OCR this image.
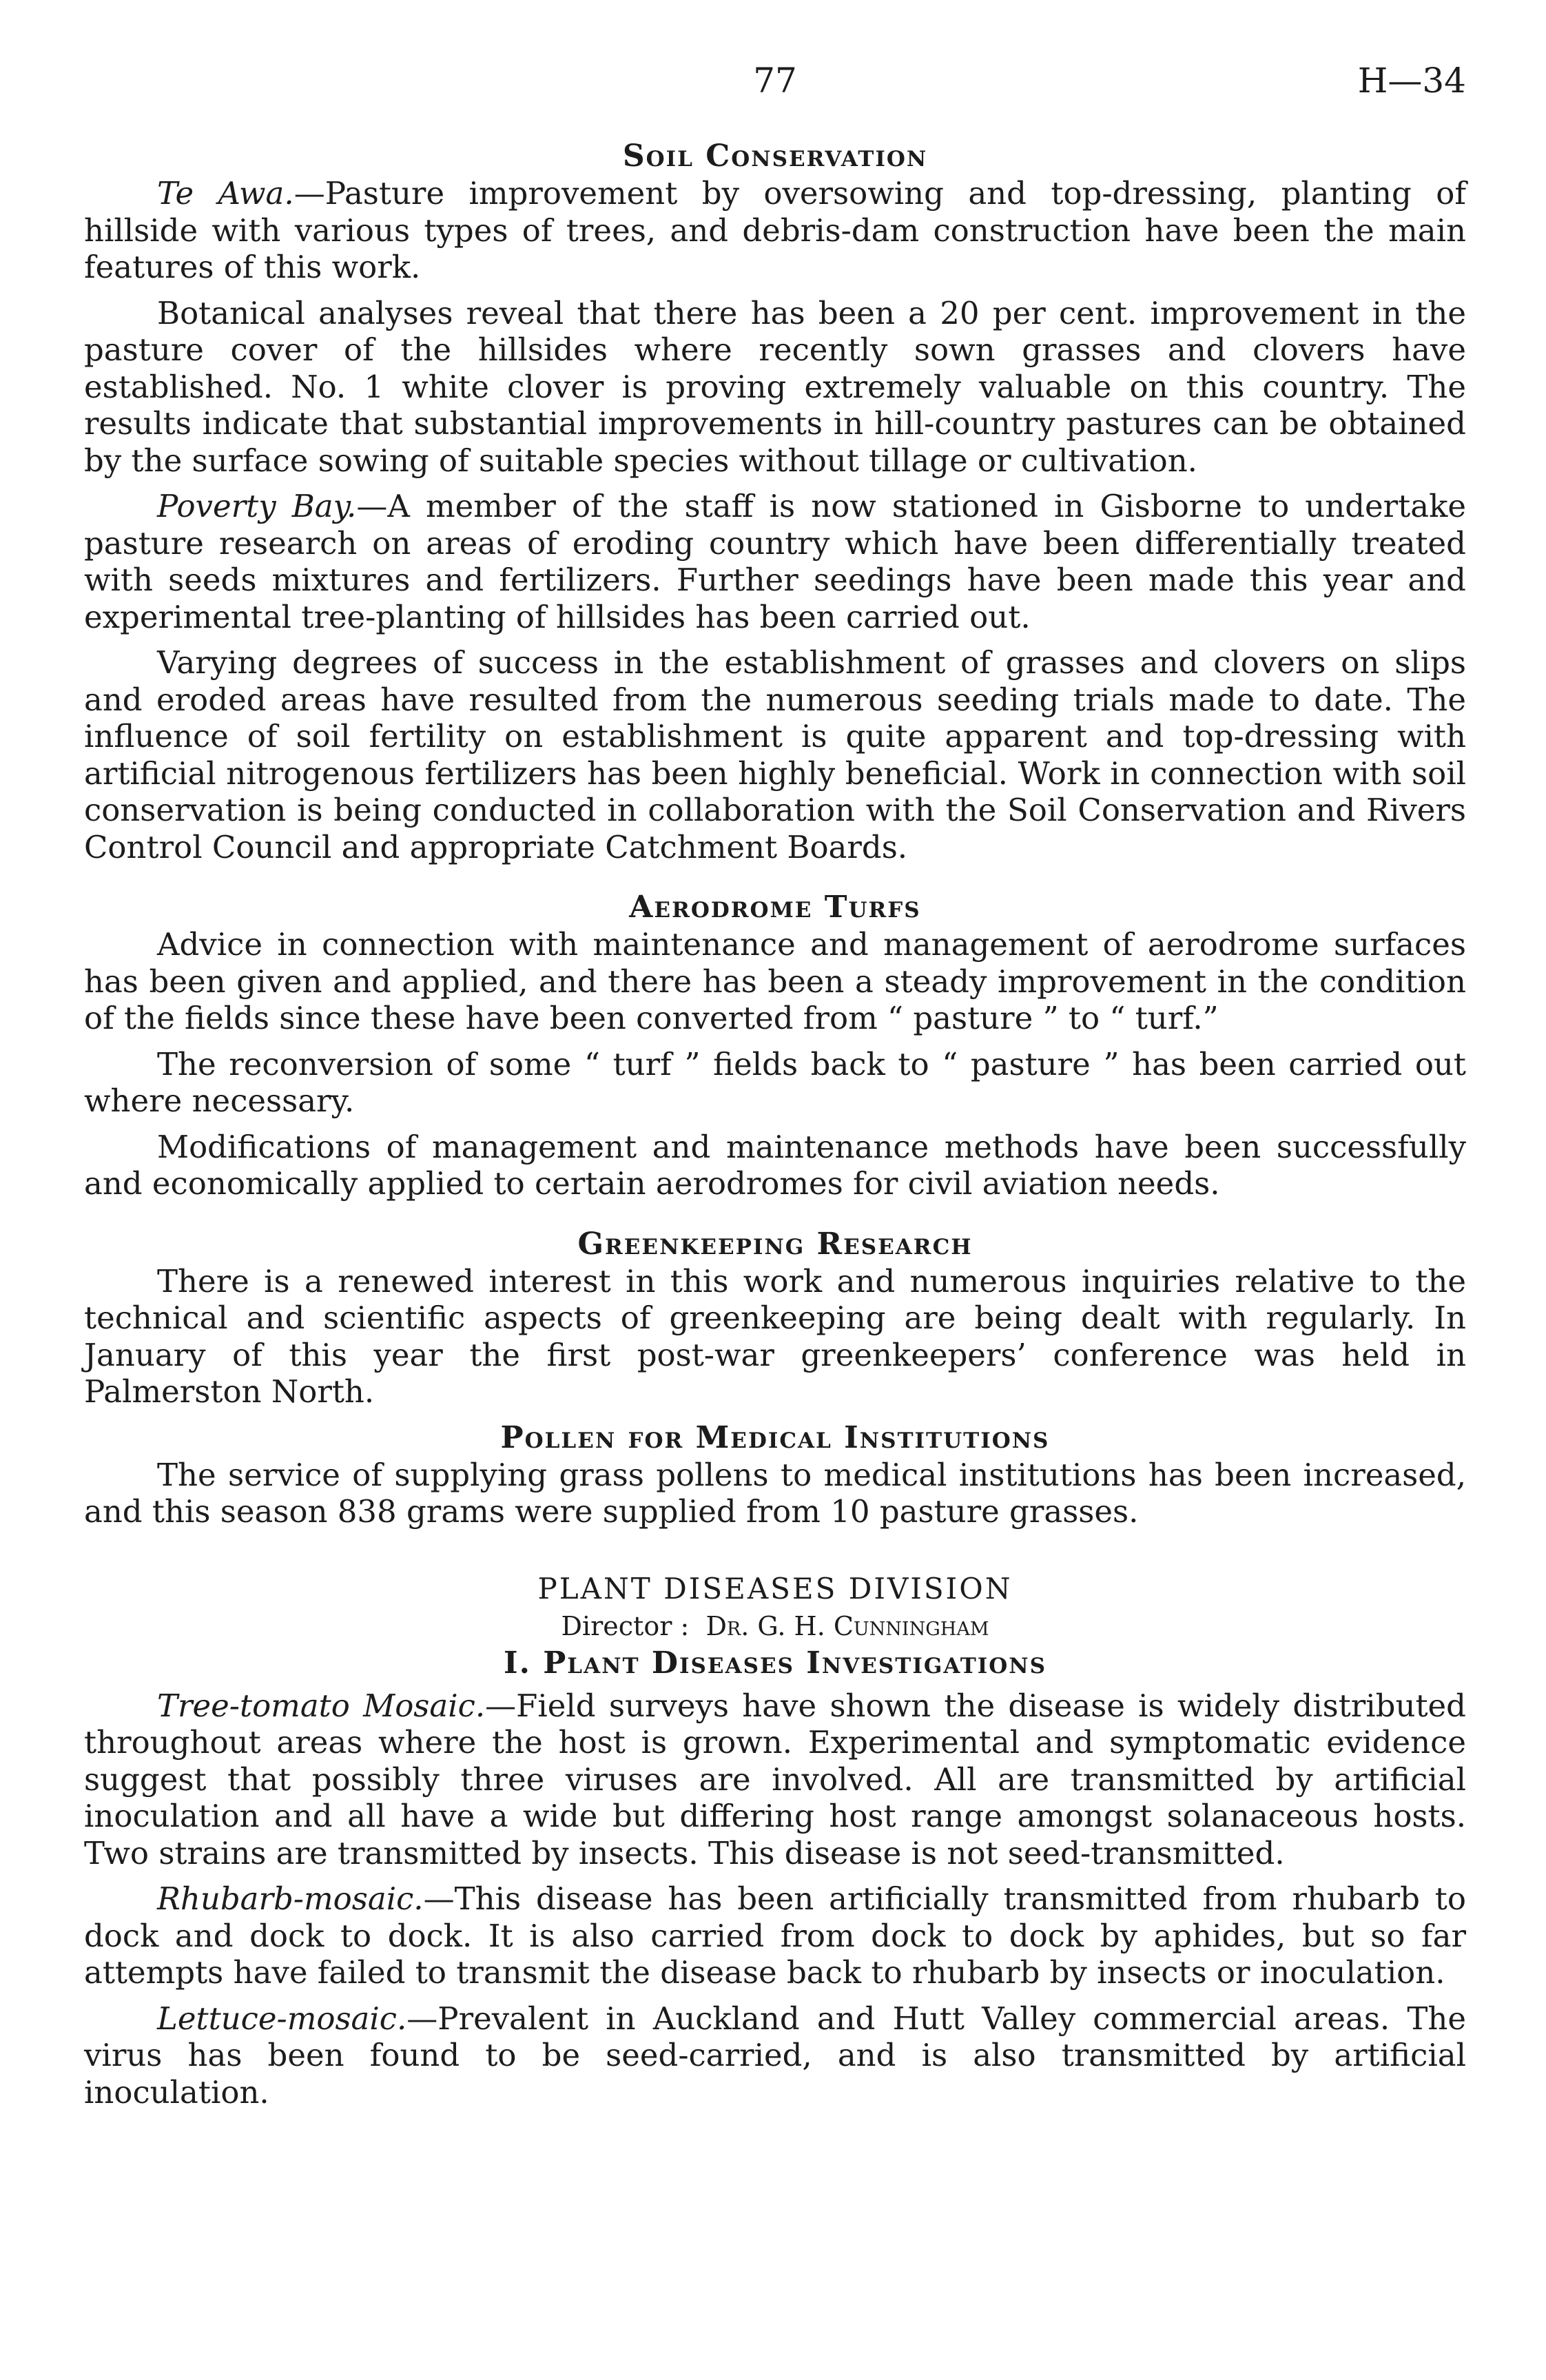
77	H—34
Soil Conservation

Te Awa.—Pasture improvement by oversowing and top-dressing, planting of hillside with various types of trees, and debris-dam construction have been the main features of this work.

Botanical analyses reveal that there has been a 20 per cent. improvement in the pasture cover of the hillsides where recently sown grasses and clovers have established. No. 1 white clover is proving extremely valuable on this country. The results indicate that substantial improvements in hill-country pastures can be obtained by the surface sowing of suitable species without tillage or cultivation.

Poverty Bay.—A member of the staff is now stationed in Gisborne to undertake pasture research on areas of eroding country which have been differentially treated with seeds mixtures and fertilizers. Further seedings have been made this year and experimental tree-planting of hillsides has been carried out.

Varying degrees of success in the establishment of grasses and clovers on slips and eroded areas have resulted from the numerous seeding trials made to date. The influence of soil fertility on establishment is quite apparent and top-dressing with artificial nitrogenous fertilizers has been highly beneficial. Work in connection with soil conservation is being conducted in collaboration with the Soil Conservation and Rivers Control Council and appropriate Catchment Boards.

Aerodrome Turfs

Advice in connection with maintenance and management of aerodrome surfaces has been given and applied, and there has been a steady improvement in the condition of the fields since these have been converted from “ pasture ” to “ turf.”

The reconversion of some “ turf ” fields back to “ pasture ” has been carried out where necessary.

Modifications of management and maintenance methods have been successfully and economically applied to certain aerodromes for civil aviation needs.

Greenkeeping Research

There is a renewed interest in this work and numerous inquiries relative to the technical and scientific aspects of greenkeeping are being dealt with regularly. In January of this year the first post-war greenkeepers’ conference was held in Palmerston North.

Pollen for Medical Institutions

The service of supplying grass pollens to medical institutions has been increased, and this season 838 grams were supplied from 10 pasture grasses.

PLANT DISEASES DIVISION
Director : Dr. G. H. Cunningham
I. Plant Diseases Investigations

Tree-tomato Mosaic.—Field surveys have shown the disease is widely distributed throughout areas where the host is grown. Experimental and symptomatic evidence suggest that possibly three viruses are involved. All are transmitted by artificial inoculation and all have a wide but differing host range amongst solanaceous hosts. Two strains are transmitted by insects. This disease is not seed-transmitted.

Rhubarb-mosaic.—This disease has been artificially transmitted from rhubarb to dock and dock to dock. It is also carried from dock to dock by aphides, but so far attempts have failed to transmit the disease back to rhubarb by insects or inoculation.

Lettuce-mosaic.—Prevalent in Auckland and Hutt Valley commercial areas. The virus has been found to be seed-carried, and is also transmitted by artificial inoculation.
